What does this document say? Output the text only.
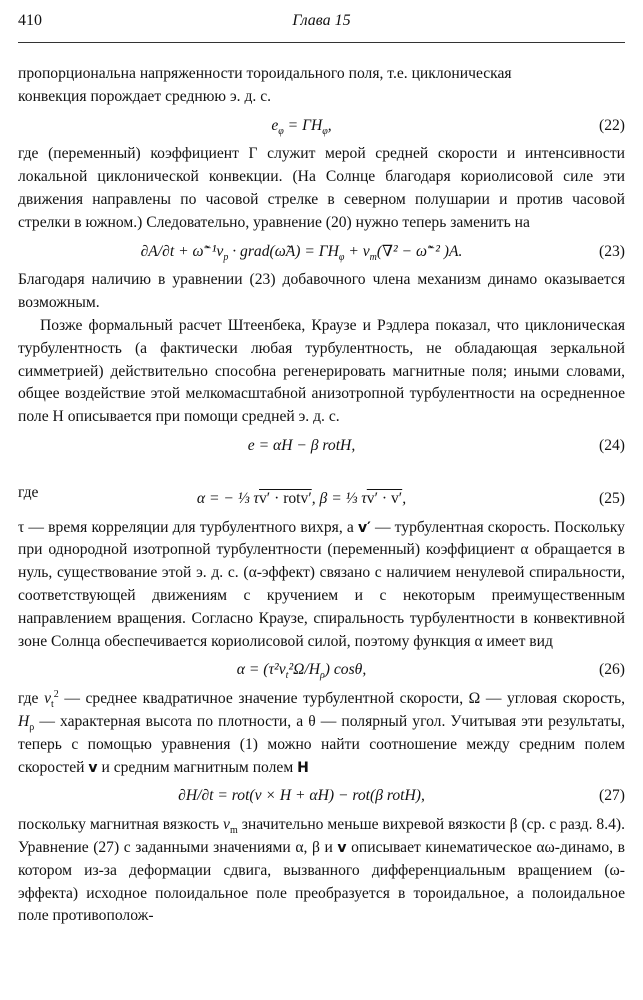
410	Глава 15

пропорциональна напряженности тороидального поля, т.е. циклоническая

конвекция порождает среднюю э. д. с.

$e_\varphi = \Gamma H_\varphi$,	(22)

где (переменный) коэффициент Γ служит мерой средней скорости и интенсивности локальной циклонической конвекции. (На Солнце благодаря кориолисовой силе эти движения направлены по часовой стрелке в северном полушарии и против часовой стрелки в южном.) Следовательно, уравнение (20) нужно теперь заменить на

$\partial A/\partial t + \omegã^{-1}v_p$ · grad(ω̃A) = $\Gamma H_\varphi + \nu_m(\nabla^2$ − ω̃⁻² )A.	(23)

Благодаря наличию в уравнении (23) добавочного члена механизм динамо оказывается возможным.

Позже формальный расчет Штеенбека, Краузе и Рэдлера показал, что циклоническая турбулентность (а фактически любая турбулентность, не обладающая зеркальной симметрией) действительно способна регенерировать магнитные поля; иными словами, общее воздействие этой мелкомасштабной анизотропной турбулентности на осредненное поле Н описывается при помощи средней э. д. с.

e = αH − β rotH,	(24)
где	α = − ⅓ τv′ · rotv′, β = ⅓ τv′ · v′,	(25)

τ — время корреляции для турбулентного вихря, а v′ — турбулентная скорость. Поскольку при однородной изотропной турбулентности (переменный) коэффициент α обращается в нуль, существование этой э. д. с. (α-эффект) связано с наличием ненулевой спиральности, соответствующей движениям с кручением и с некоторым преимущественным направлением вращения. Согласно Краузе, спиральность турбулентности в конвективной зоне Солнца обеспечивается кориолисовой силой, поэтому функция α имеет вид

$\alpha = (\tau^2v_t^2\Omega/H_\rho)$ cosθ,	(26)

где $v_t^2$ — среднее квадратичное значение турбулентной скорости, Ω — угловая скорость, $H_\rho$ — характерная высота по плотности, а θ — полярный угол. Учитывая эти результаты, теперь с помощью уравнения (1) можно найти соотношение между средним полем скоростей v и средним магнитным полем H

∂H/∂t = rot(v × H + αH) − rot(β rotH),	(27)

поскольку магнитная вязкость $\nu_m$ значительно меньше вихревой вязкости β (ср. с разд. 8.4). Уравнение (27) с заданными значениями α, β и v описывает кинематическое αω-динамо, в котором из-за деформации сдвига, вызванного дифференциальным вращением (ω-эффекта) исходное полоидальное поле преобразуется в тороидальное, а полоидальное поле противополож-
